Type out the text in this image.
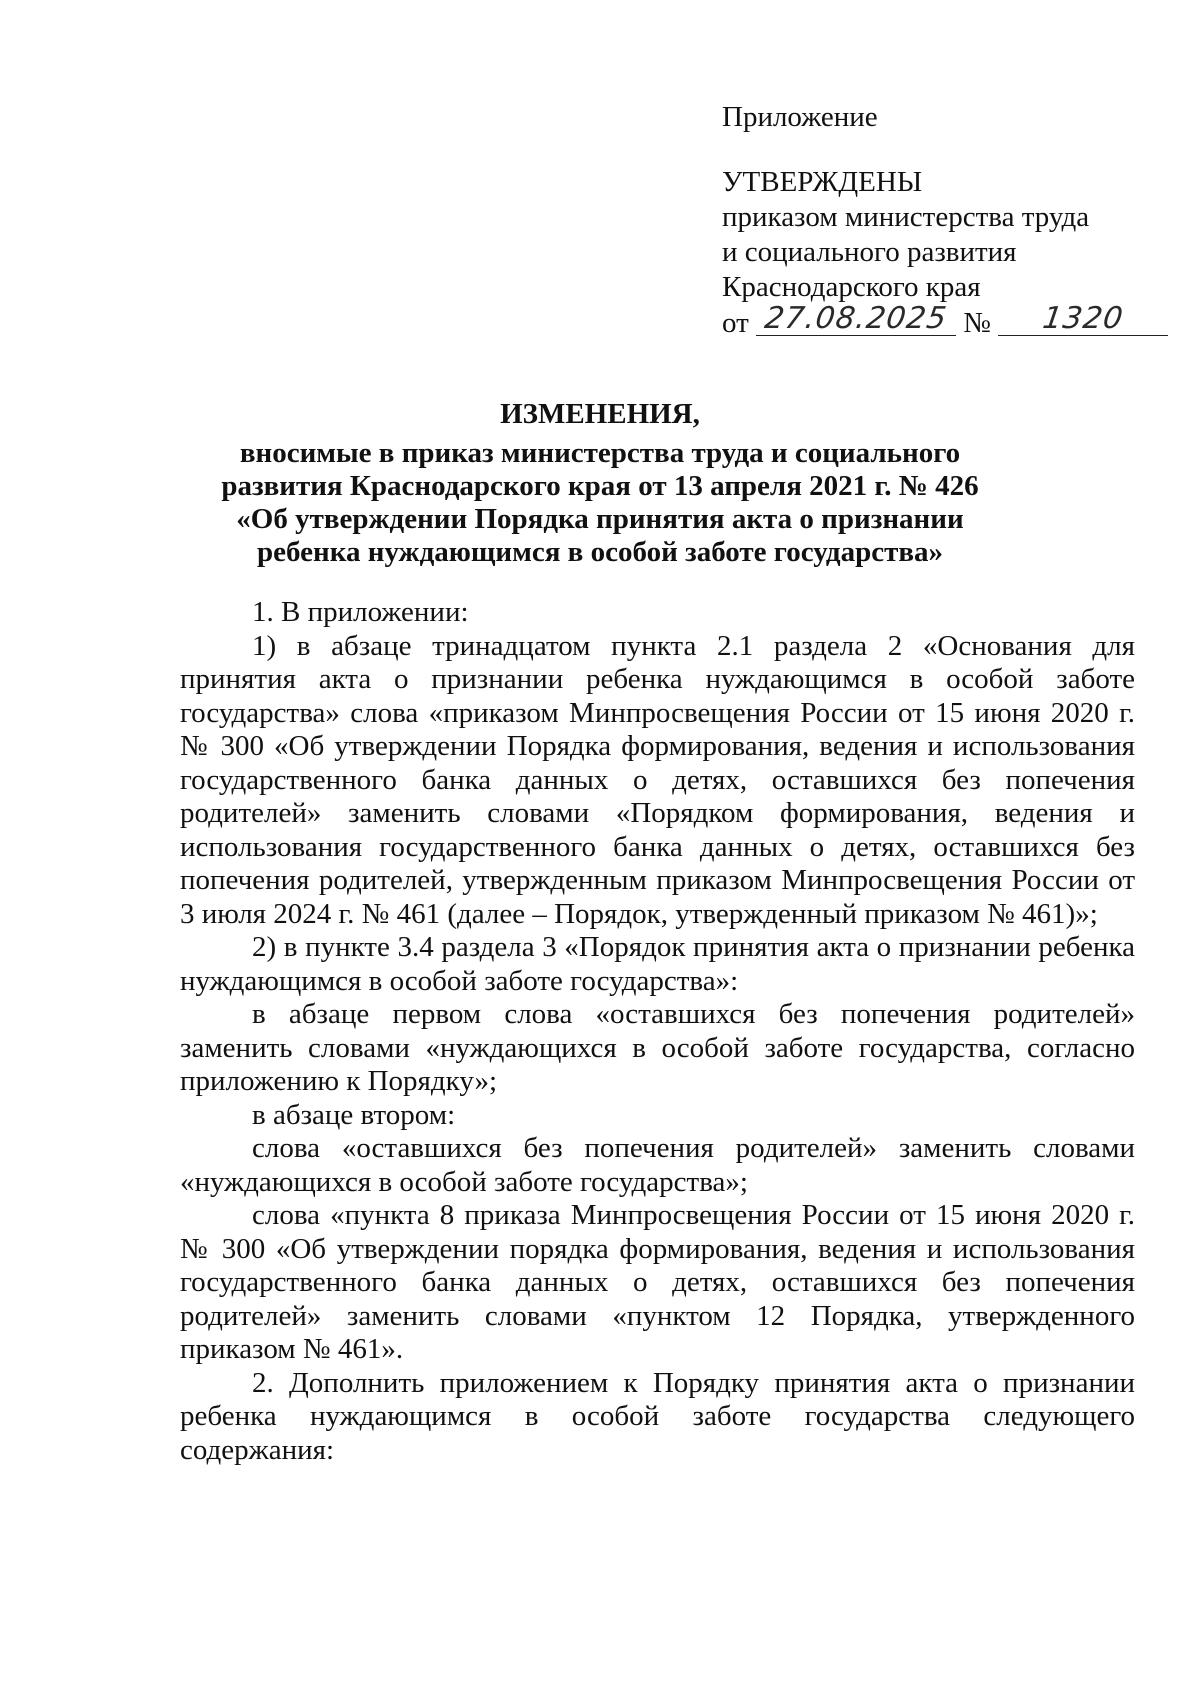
Приложение
УТВЕРЖДЕНЫ
приказом министерства труда
и социального развития
Краснодарского края
от 27.08.2025 № 1320
ИЗМЕНЕНИЯ,
вносимые в приказ министерства труда и социального
развития Краснодарского края от 13 апреля 2021 г. № 426
«Об утверждении Порядка принятия акта о признании
ребенка нуждающимся в особой заботе государства»

1. В приложении:

1) в абзаце тринадцатом пункта 2.1 раздела 2 «Основания для принятия акта о признании ребенка нуждающимся в особой заботе государства» слова «приказом Минпросвещения России от 15 июня 2020 г. № 300 «Об утверждении Порядка формирования, ведения и использования государственного банка данных о детях, оставшихся без попечения родителей» заменить словами «Порядком формирования, ведения и использования государственного банка данных о детях, оставшихся без попечения родителей, утвержденным приказом Минпросвещения России от 3 июля 2024 г. № 461 (далее – Порядок, утвержденный приказом № 461)»;

2) в пункте 3.4 раздела 3 «Порядок принятия акта о признании ребенка нуждающимся в особой заботе государства»:

в абзаце первом слова «оставшихся без попечения родителей» заменить словами «нуждающихся в особой заботе государства, согласно приложению к Порядку»;

в абзаце втором:

слова «оставшихся без попечения родителей» заменить словами «нуждающихся в особой заботе государства»;

слова «пункта 8 приказа Минпросвещения России от 15 июня 2020 г. № 300 «Об утверждении порядка формирования, ведения и использования государственного банка данных о детях, оставшихся без попечения родителей» заменить словами «пунктом 12 Порядка, утвержденного приказом № 461».

2. Дополнить приложением к Порядку принятия акта о признании ребенка нуждающимся в особой заботе государства следующего содержания:
